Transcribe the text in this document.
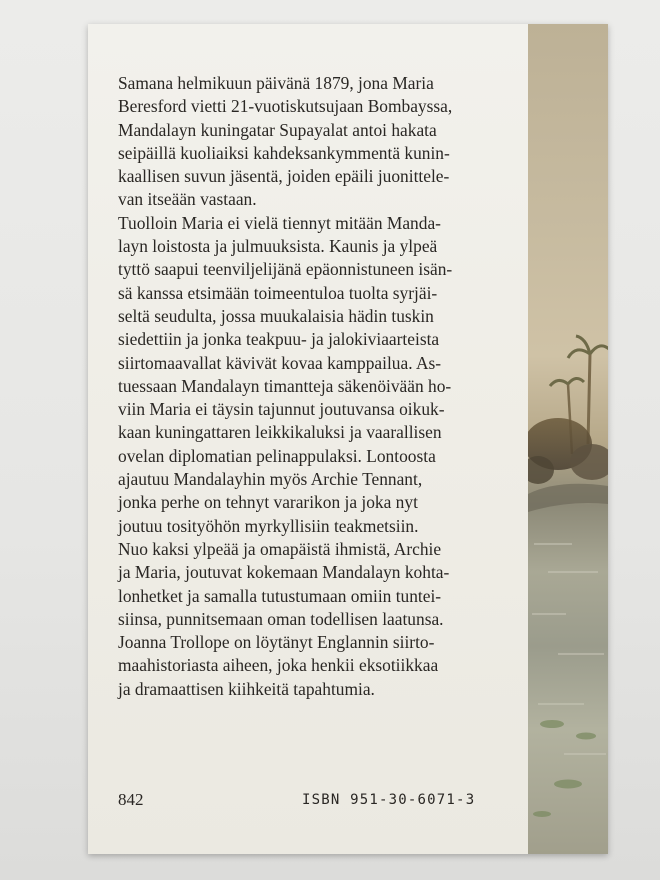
Samana helmikuun päivänä 1879, jona Maria
Beresford vietti 21-vuotiskutsujaan Bombayssa,
Mandalayn kuningatar Supayalat antoi hakata
seipäillä kuoliaiksi kahdeksankymmentä kunin-
kaallisen suvun jäsentä, joiden epäili juonittele-
van itseään vastaan.
Tuolloin Maria ei vielä tiennyt mitään Manda-
layn loistosta ja julmuuksista. Kaunis ja ylpeä
tyttö saapui teenviljelijänä epäonnistuneen isän-
sä kanssa etsimään toimeentuloa tuolta syrjäi-
seltä seudulta, jossa muukalaisia hädin tuskin
siedettiin ja jonka teakpuu- ja jalokiviaarteista
siirtomaavallat kävivät kovaa kamppailua. As-
tuessaan Mandalayn timantteja säkenöivään ho-
viin Maria ei täysin tajunnut joutuvansa oikuk-
kaan kuningattaren leikkikaluksi ja vaarallisen
ovelan diplomatian pelinappulaksi. Lontoosta
ajautuu Mandalayhin myös Archie Tennant,
jonka perhe on tehnyt vararikon ja joka nyt
joutuu tosityöhön myrkyllisiin teakmetsiin.
Nuo kaksi ylpeää ja omapäistä ihmistä, Archie
ja Maria, joutuvat kokemaan Mandalayn kohta-
lonhetket ja samalla tutustumaan omiin tuntei-
siinsa, punnitsemaan oman todellisen laatunsa.
Joanna Trollope on löytänyt Englannin siirto-
maahistoriasta aiheen, joka henkii eksotiikkaa
ja dramaattisen kiihkeitä tapahtumia.
842	ISBN 951-30-6071-3
